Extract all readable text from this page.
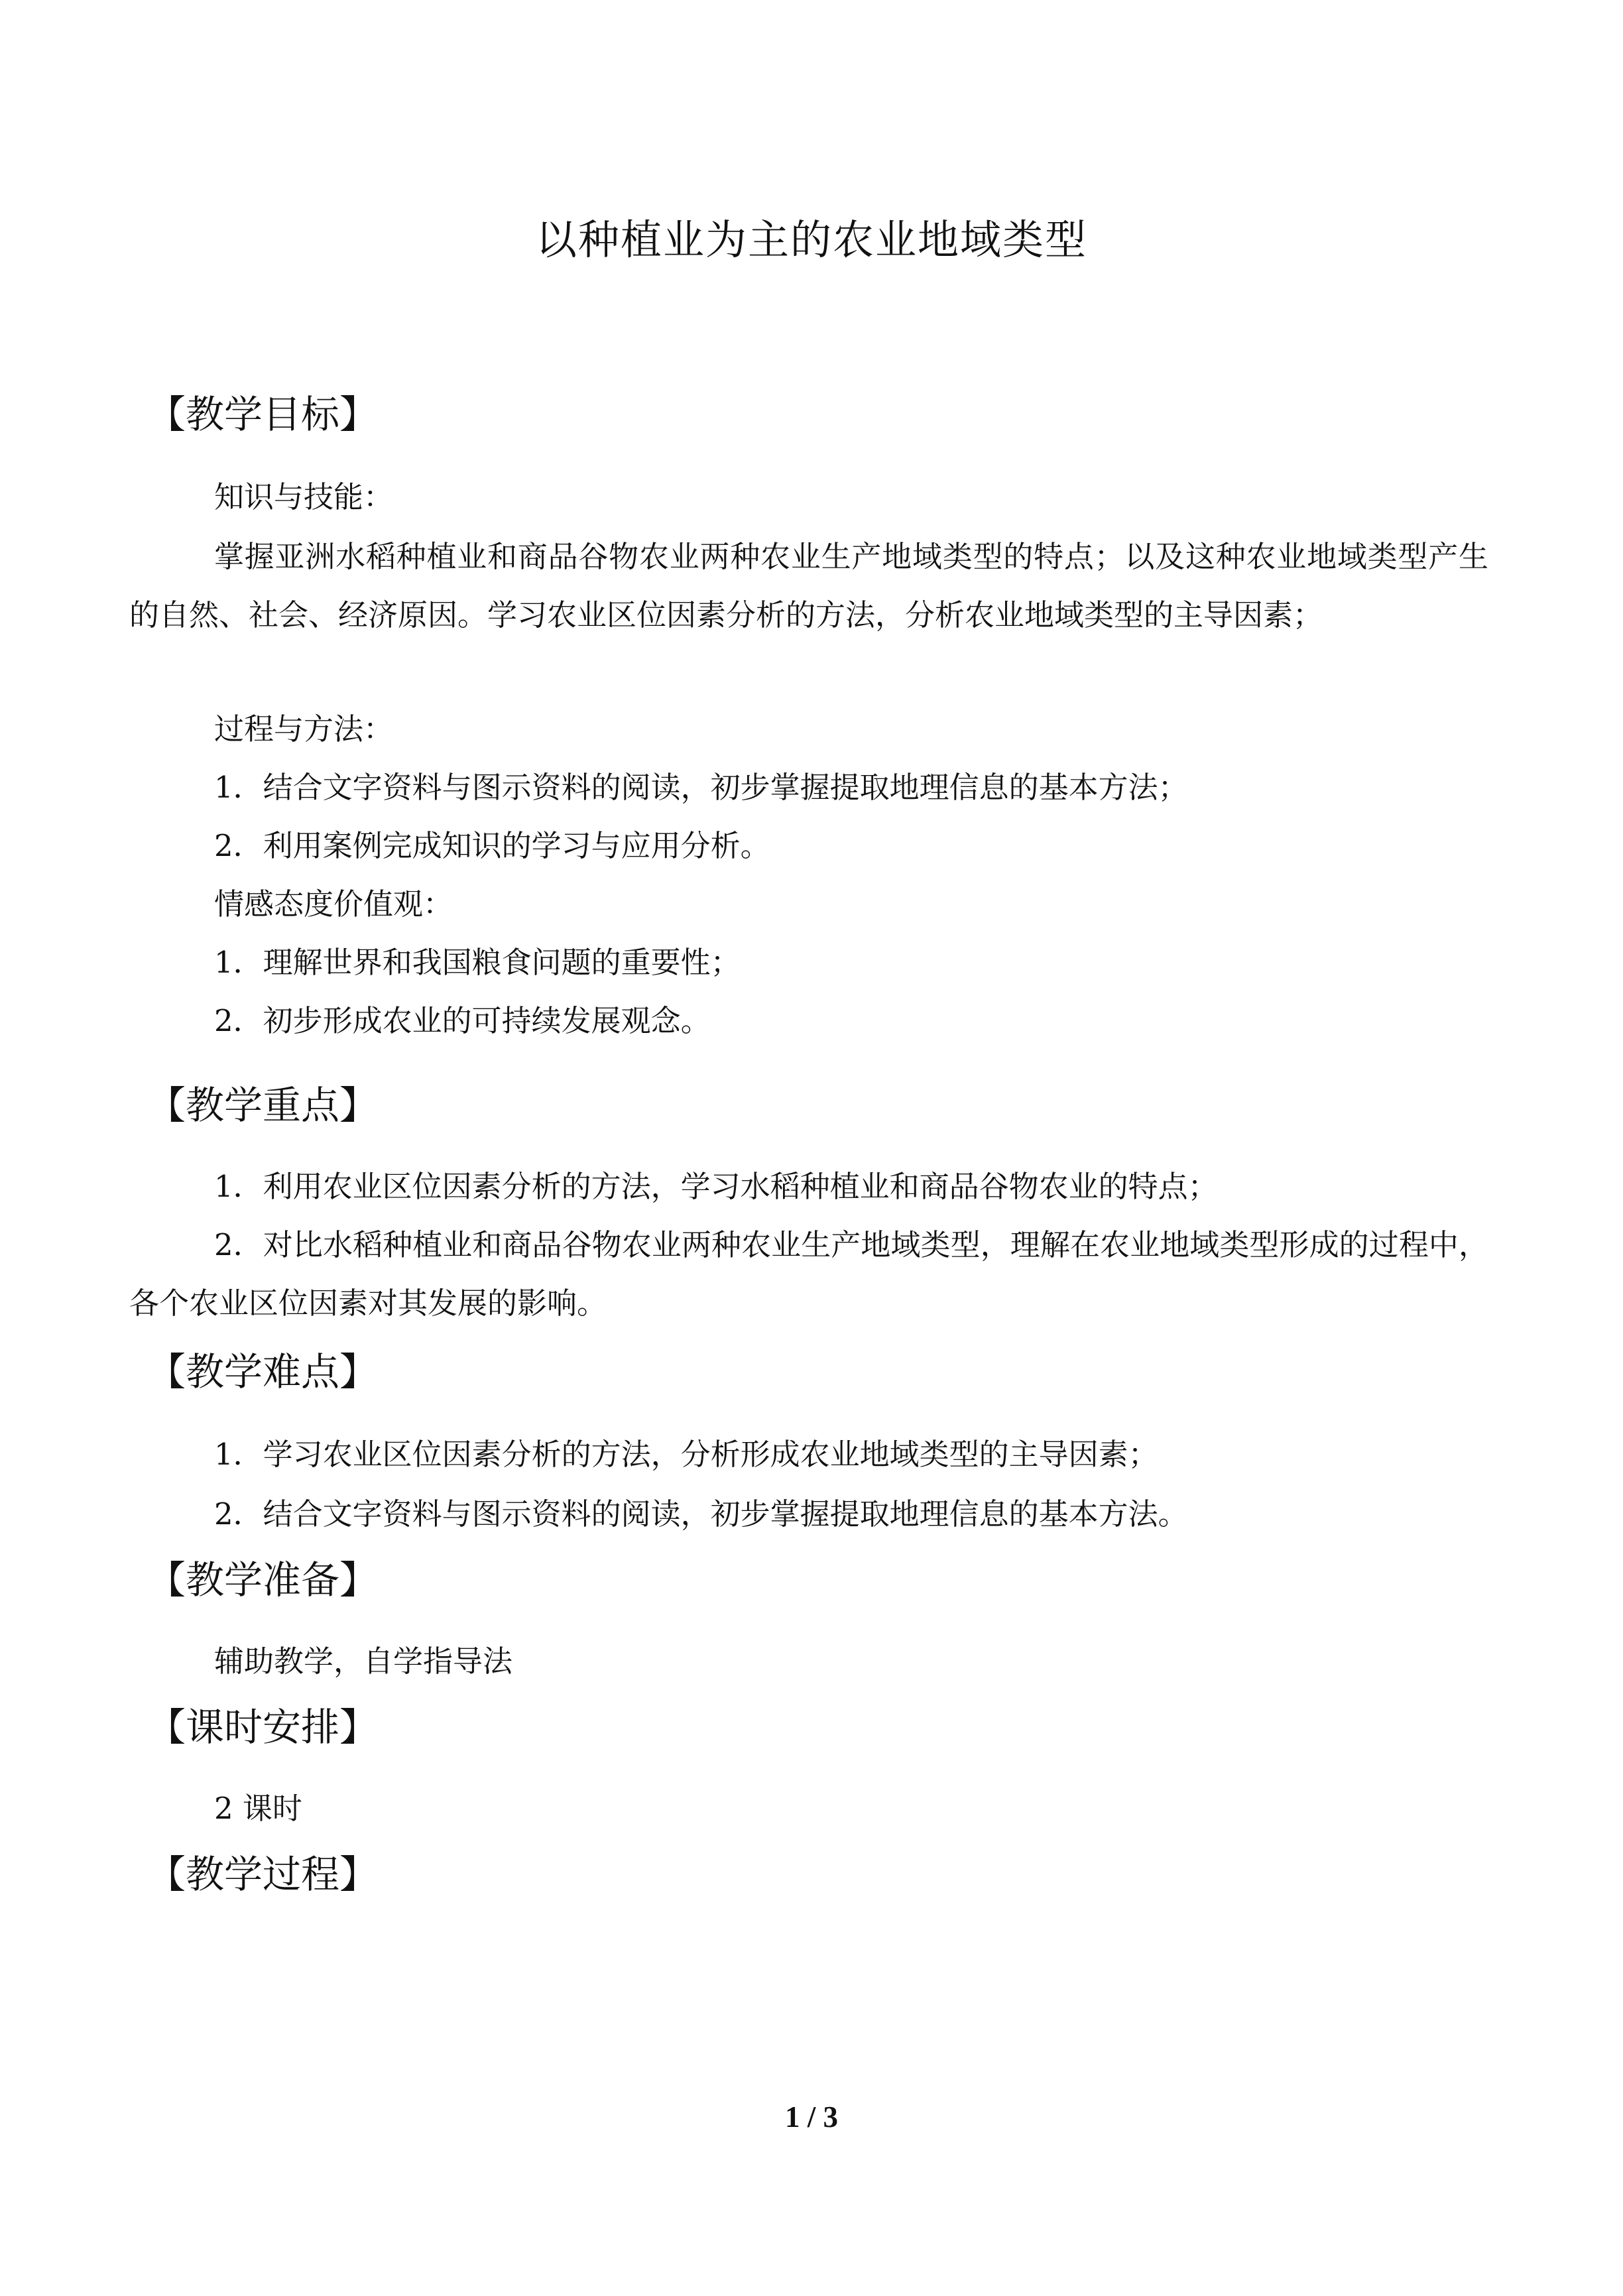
以种植业为主的农业地域类型
【教学目标】

知识与技能：

掌握亚洲水稻种植业和商品谷物农业两种农业生产地域类型的特点；以及这种农业地域类型产生的自然、社会、经济原因。学习农业区位因素分析的方法，分析农业地域类型的主导因素；

过程与方法：

1．结合文字资料与图示资料的阅读，初步掌握提取地理信息的基本方法；

2．利用案例完成知识的学习与应用分析。

情感态度价值观：

1．理解世界和我国粮食问题的重要性；

2．初步形成农业的可持续发展观念。

【教学重点】

1．利用农业区位因素分析的方法，学习水稻种植业和商品谷物农业的特点；

2．对比水稻种植业和商品谷物农业两种农业生产地域类型，理解在农业地域类型形成的过程中，各个农业区位因素对其发展的影响。

【教学难点】

1．学习农业区位因素分析的方法，分析形成农业地域类型的主导因素；

2．结合文字资料与图示资料的阅读，初步掌握提取地理信息的基本方法。

【教学准备】

辅助教学，自学指导法

【课时安排】

2 课时

【教学过程】
1 / 3
